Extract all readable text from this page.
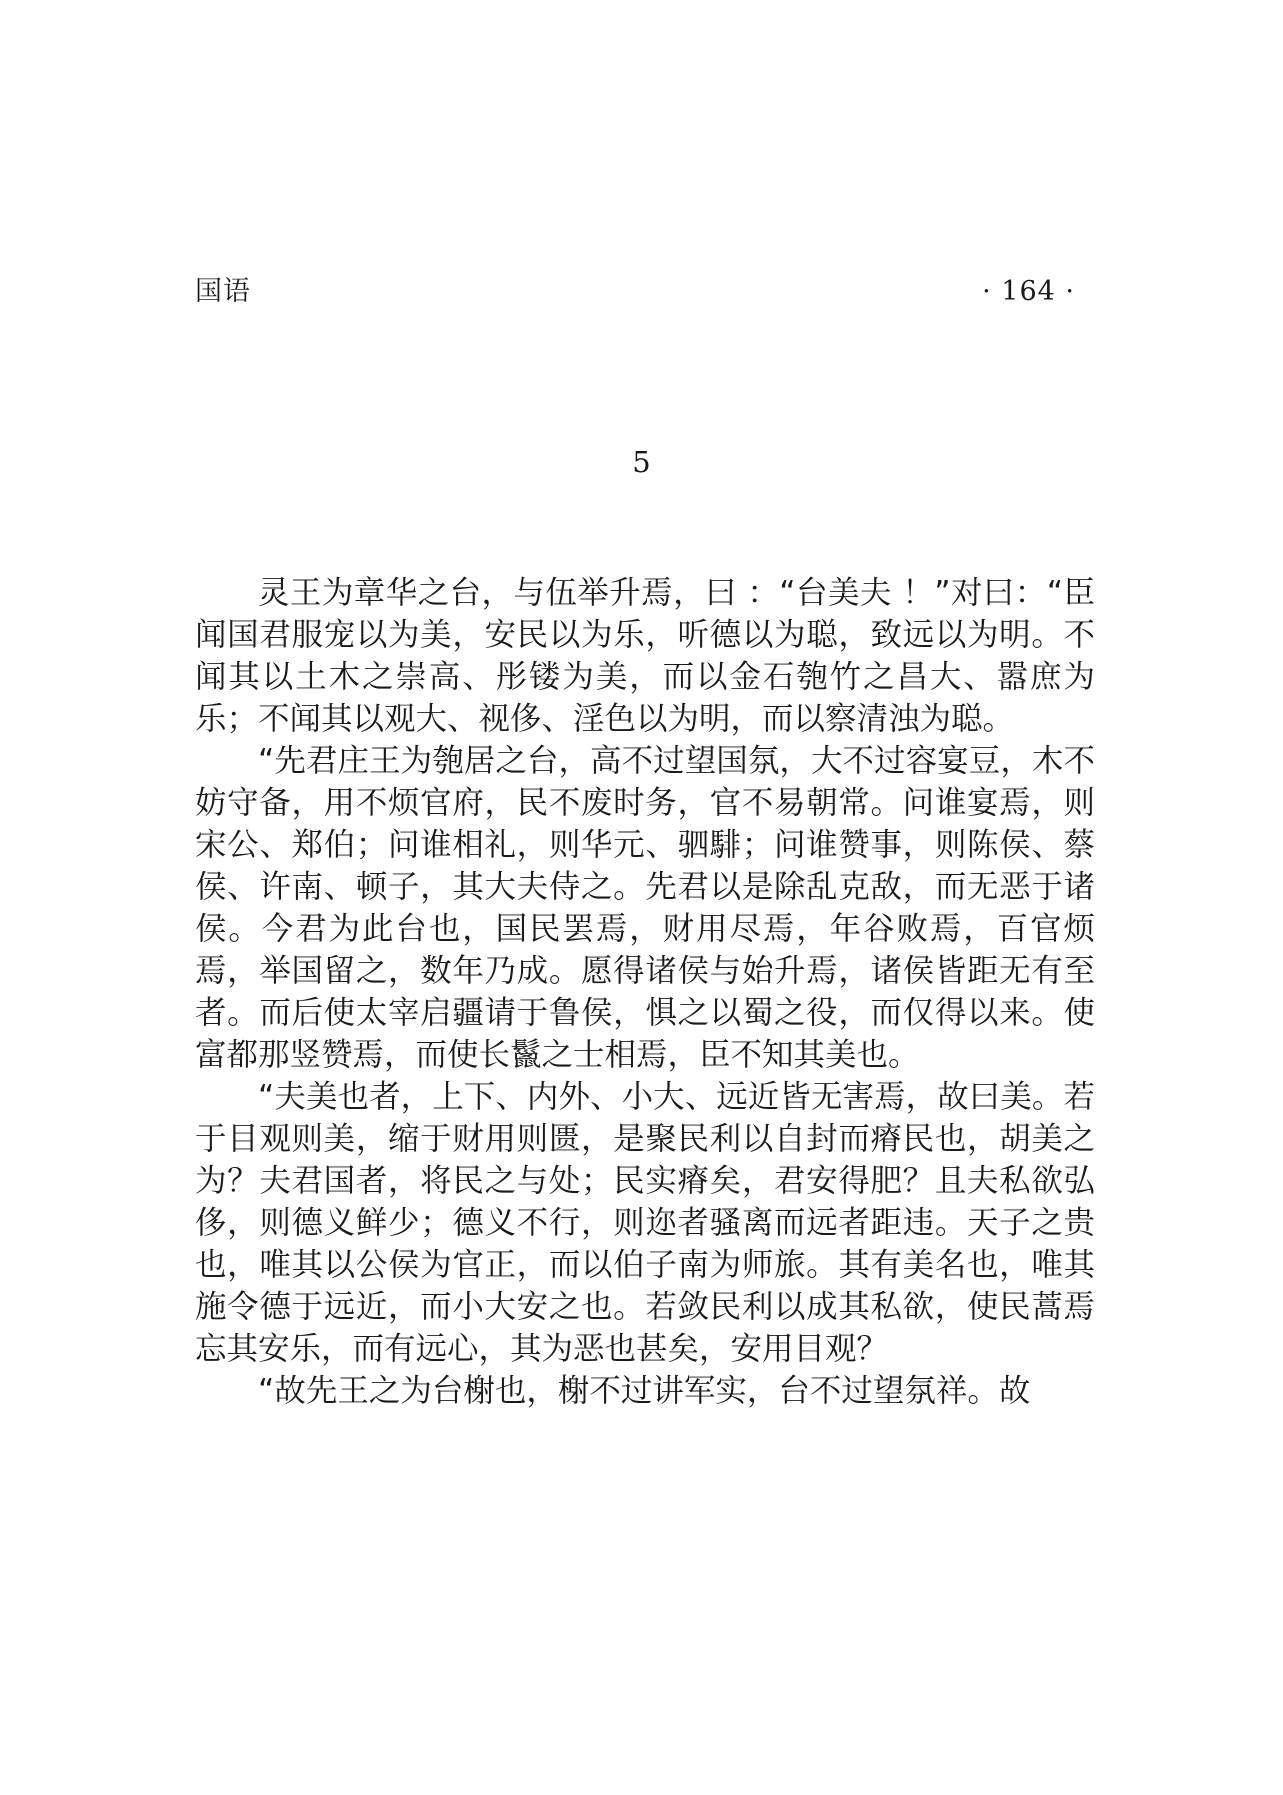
国语	· 164 ·
5

灵王为章华之台，与伍举升焉，曰 ：“台美夫 ！”对曰：“臣闻国君服宠以为美，安民以为乐，听德以为聪，致远以为明。不闻其以土木之崇高、彤镂为美，而以金石匏竹之昌大、嚣庶为乐；不闻其以观大、视侈、淫色以为明，而以察清浊为聪。

“先君庄王为匏居之台，高不过望国氛，大不过容宴豆，木不妨守备，用不烦官府，民不废时务，官不易朝常。问谁宴焉，则宋公、郑伯；问谁相礼，则华元、驷騑；问谁赞事，则陈侯、蔡侯、许南、顿子，其大夫侍之。先君以是除乱克敌，而无恶于诸侯。今君为此台也，国民罢焉，财用尽焉，年谷败焉，百官烦焉，举国留之，数年乃成。愿得诸侯与始升焉，诸侯皆距无有至者。而后使太宰启疆请于鲁侯，惧之以蜀之役，而仅得以来。使富都那竖赞焉，而使长鬣之士相焉，臣不知其美也。

“夫美也者，上下、内外、小大、远近皆无害焉，故曰美。若于目观则美，缩于财用则匮，是聚民利以自封而瘠民也，胡美之为？夫君国者，将民之与处；民实瘠矣，君安得肥？且夫私欲弘侈，则德义鲜少；德义不行，则迩者骚离而远者距违。天子之贵也，唯其以公侯为官正，而以伯子南为师旅。其有美名也，唯其施令德于远近，而小大安之也。若敛民利以成其私欲，使民蒿焉忘其安乐，而有远心，其为恶也甚矣，安用目观？

“故先王之为台榭也，榭不过讲军实，台不过望氛祥。故
